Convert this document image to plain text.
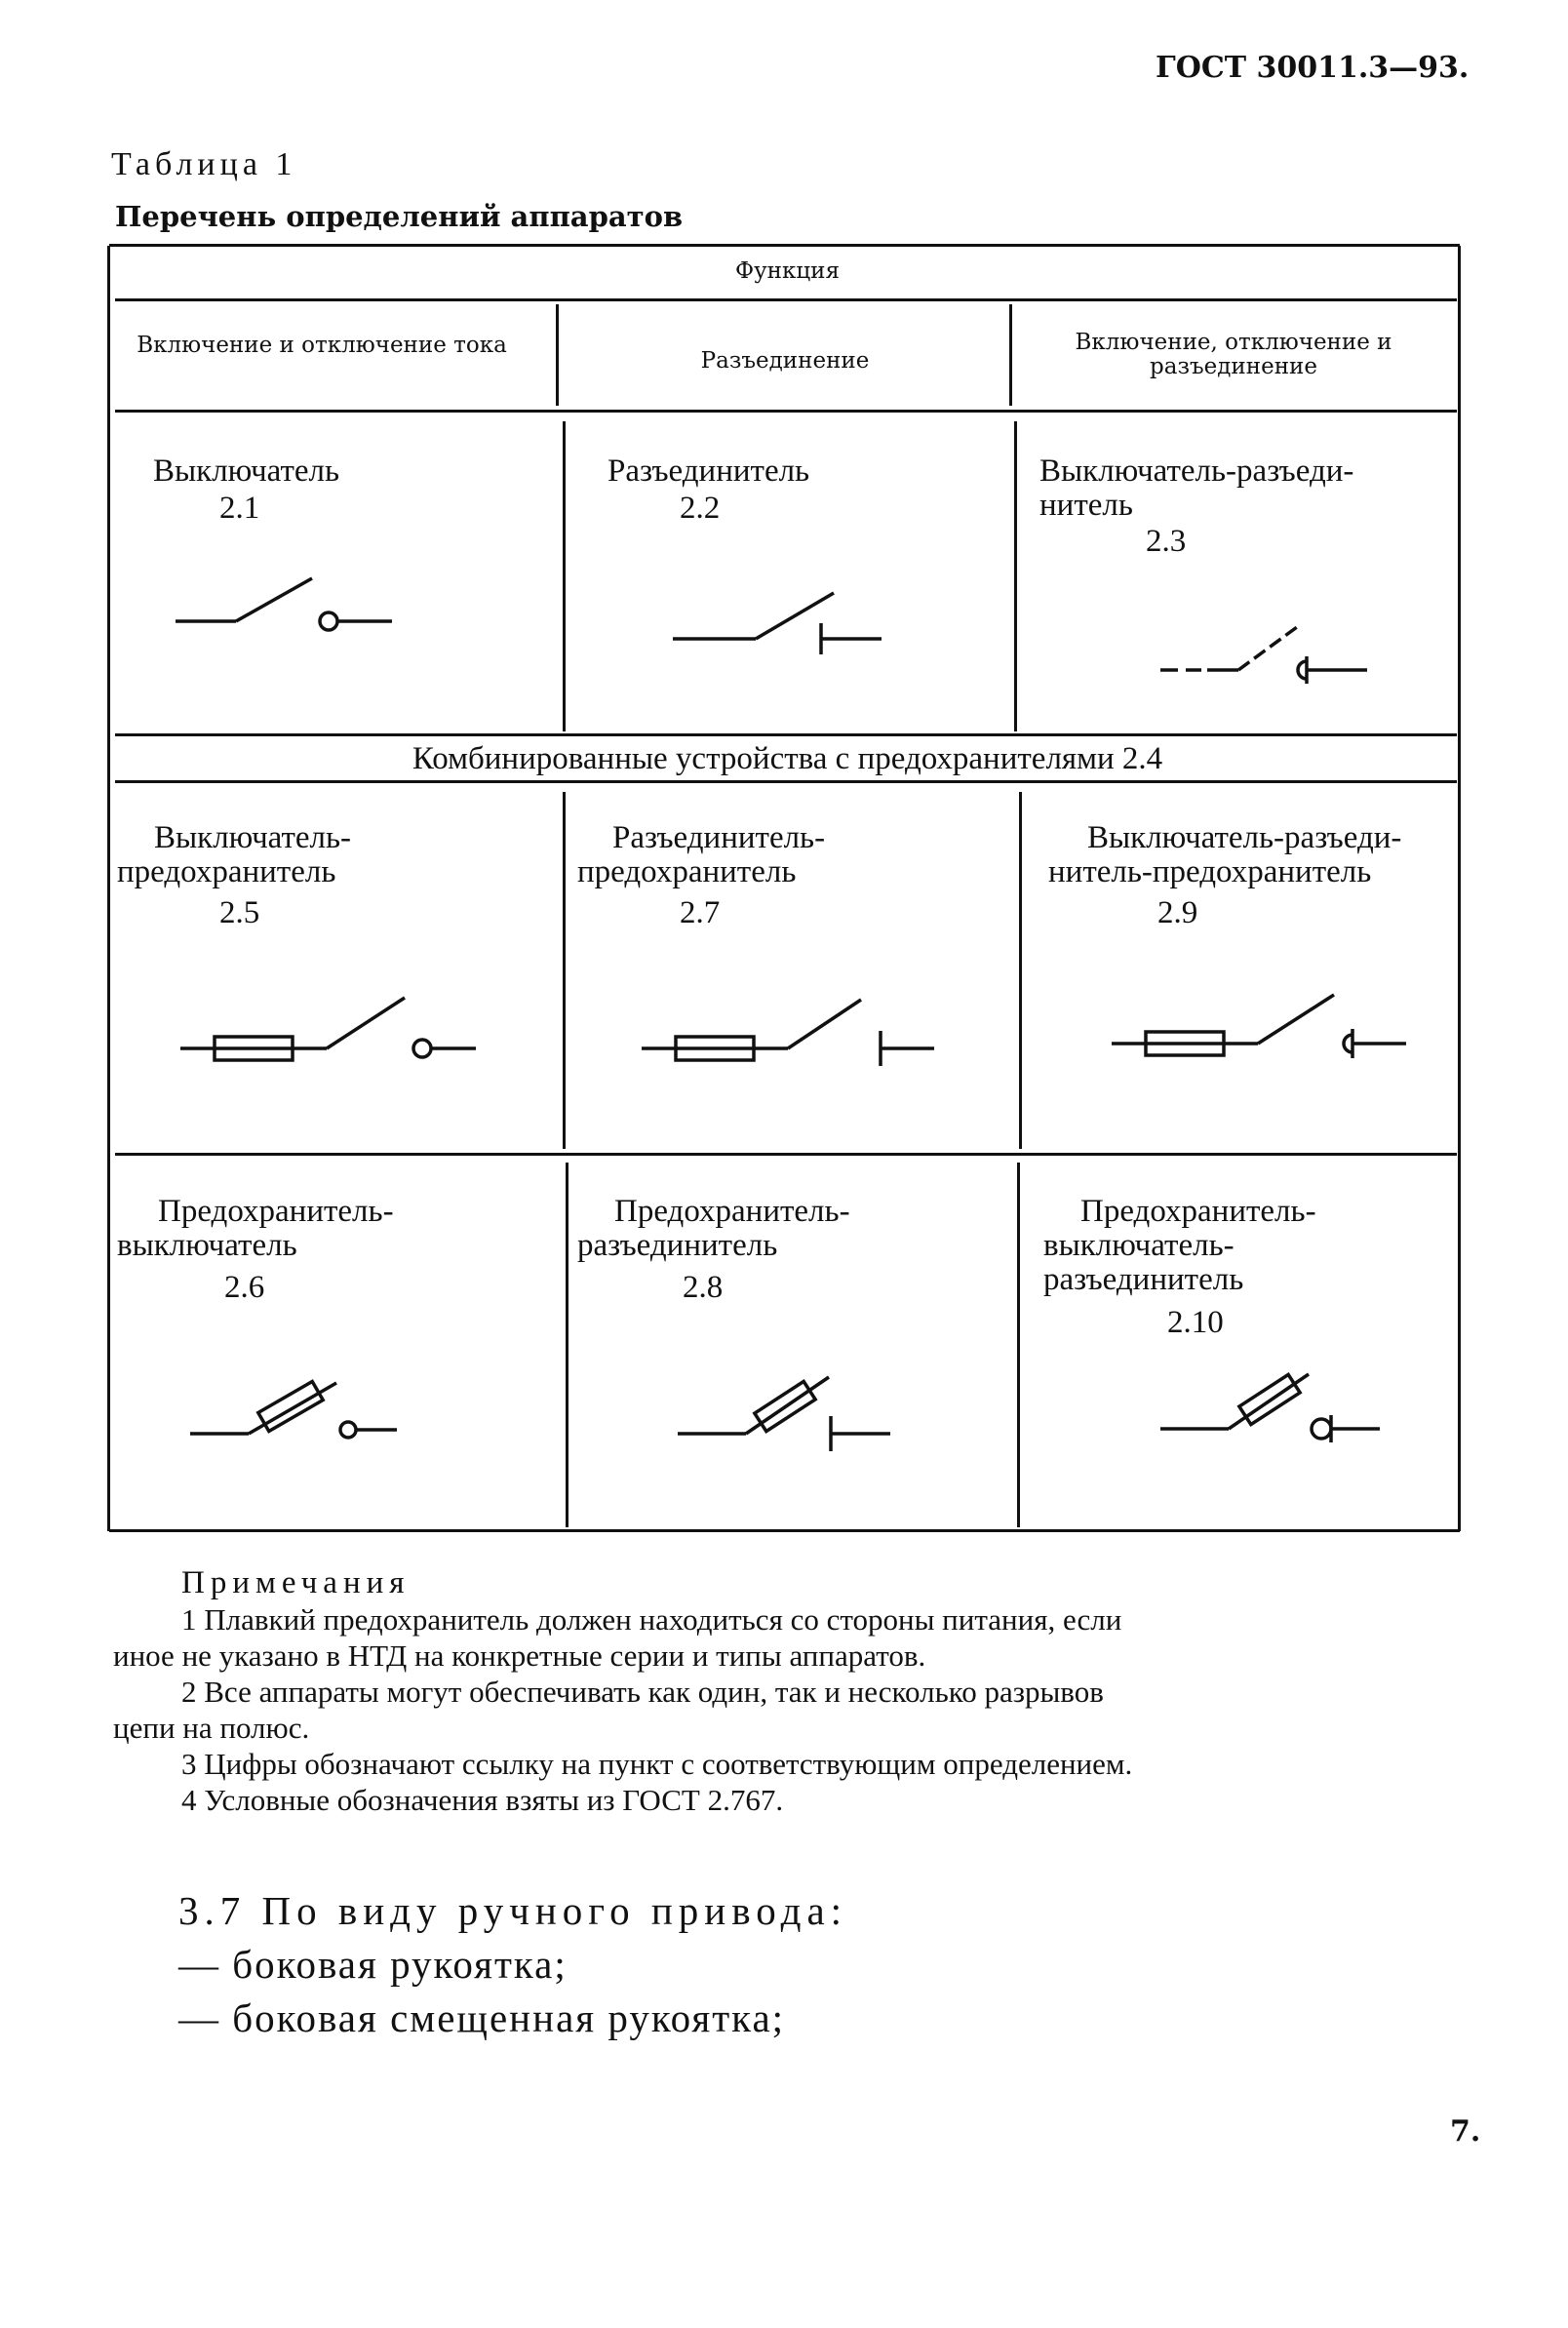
ГОСТ 30011.3—93.
Таблица 1
Перечень определений аппаратов
Функция
Включение и отключение тока
Разъединение
Включение, отключение и разъединение
Выключатель
2.1
Разъединитель
2.2
Выключатель-разъеди-
нитель
2.3
Комбинированные устройства с предохранителями 2.4
Выключатель-
предохранитель
2.5
Разъединитель-
предохранитель
2.7
Выключатель-разъеди-
нитель-предохранитель
2.9
Предохранитель-
выключатель
2.6
Предохранитель-
разъединитель
2.8
Предохранитель-
выключатель-
разъединитель
2.10
Примечания
1 Плавкий предохранитель должен находиться со стороны питания, если
иное не указано в НТД на конкретные серии и типы аппаратов.
2 Все аппараты могут обеспечивать как один, так и несколько разрывов
цепи на полюс.
3 Цифры обозначают ссылку на пункт с соответствующим определением.
4 Условные обозначения взяты из ГОСТ 2.767.
3.7 По виду ручного привода:
— боковая рукоятка;
— боковая смещенная рукоятка;
7.
